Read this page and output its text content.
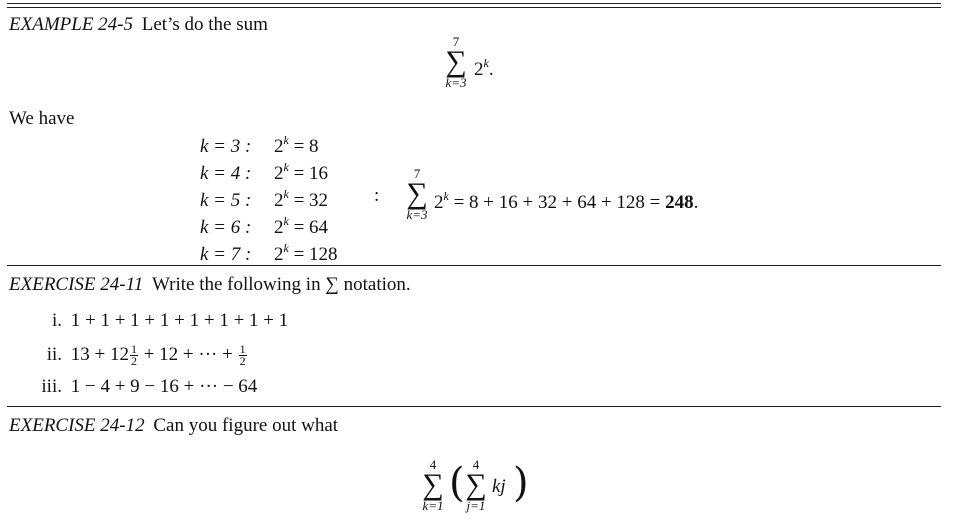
EXAMPLE 24-5 Let’s do the sum
7
∑
k=3
2$^k$.
We have
k = 3 : $2^k = 8$
k = 4 : $2^k = 16$
k = 5 : $2^k = 32$
k = 6 : $2^k = 64$
k = 7 : $2^k = 128$
:
7
∑
k=3
$2^k = 8 + 16 + 32 + 64 + 128 = 248$.
EXERCISE 24-11 Write the following in ∑ notation.
i. 1 + 1 + 1 + 1 + 1 + 1 + 1 + 1
ii. $13 + 12 \frac{1}{2} + 12$ + ··· + $\frac{1}{2}$
iii. 1 − 4 + 9 − 16 + ··· − 64
EXERCISE 24-12 Can you figure out what
4
∑
k=1 ( 4
∑
j=1
kj )
